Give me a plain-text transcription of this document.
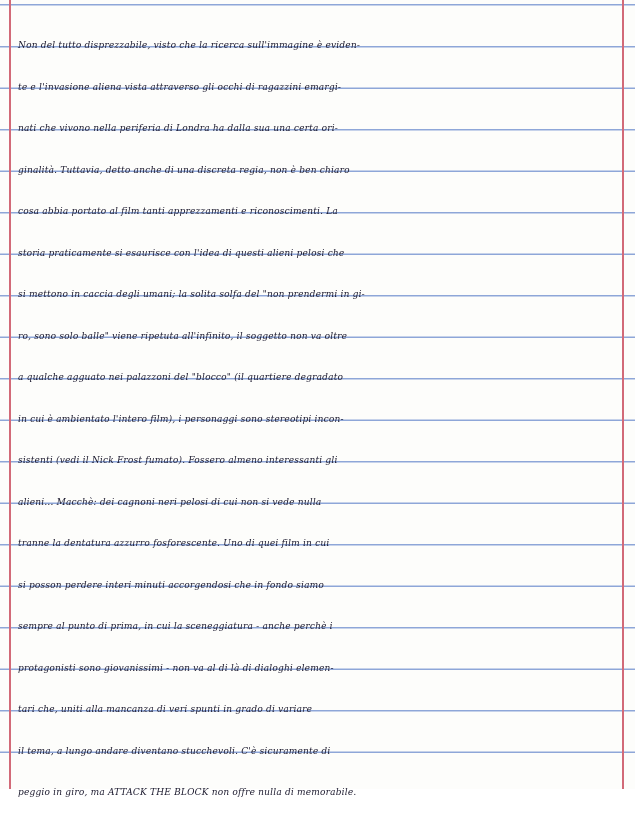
Non del tutto disprezzabile, visto che la ricerca sull'immagine è eviden-
te e l'invasione aliena vista attraverso gli occhi di ragazzini emargi-
nati che vivono nella periferia di Londra ha dalla sua una certa ori-
ginalità. Tuttavia, detto anche di una discreta regia, non è ben chiaro
cosa abbia portato al film tanti apprezzamenti e riconoscimenti. La
storia praticamente si esaurisce con l'idea di questi alieni pelosi che
si mettono in caccia degli umani; la solita solfa del "non prendermi in gi-
ro, sono solo balle" viene ripetuta all'infinito, il soggetto non va oltre
a qualche agguato nei palazzoni del "blocco" (il quartiere degradato
in cui è ambientato l'intero film), i personaggi sono stereotipi incon-
sistenti (vedi il Nick Frost fumato). Fossero almeno interessanti gli
alieni... Macchè: dei cagnoni neri pelosi di cui non si vede nulla
tranne la dentatura azzurro fosforescente. Uno di quei film in cui
si posson perdere interi minuti accorgendosi che in fondo siamo
sempre al punto di prima, in cui la sceneggiatura - anche perchè i
protagonisti sono giovanissimi - non va al di là di dialoghi elemen-
tari che, uniti alla mancanza di veri spunti in grado di variare
il tema, a lungo andare diventano stucchevoli. C'è sicuramente di
peggio in giro, ma ATTACK THE BLOCK non offre nulla di memorabile.
